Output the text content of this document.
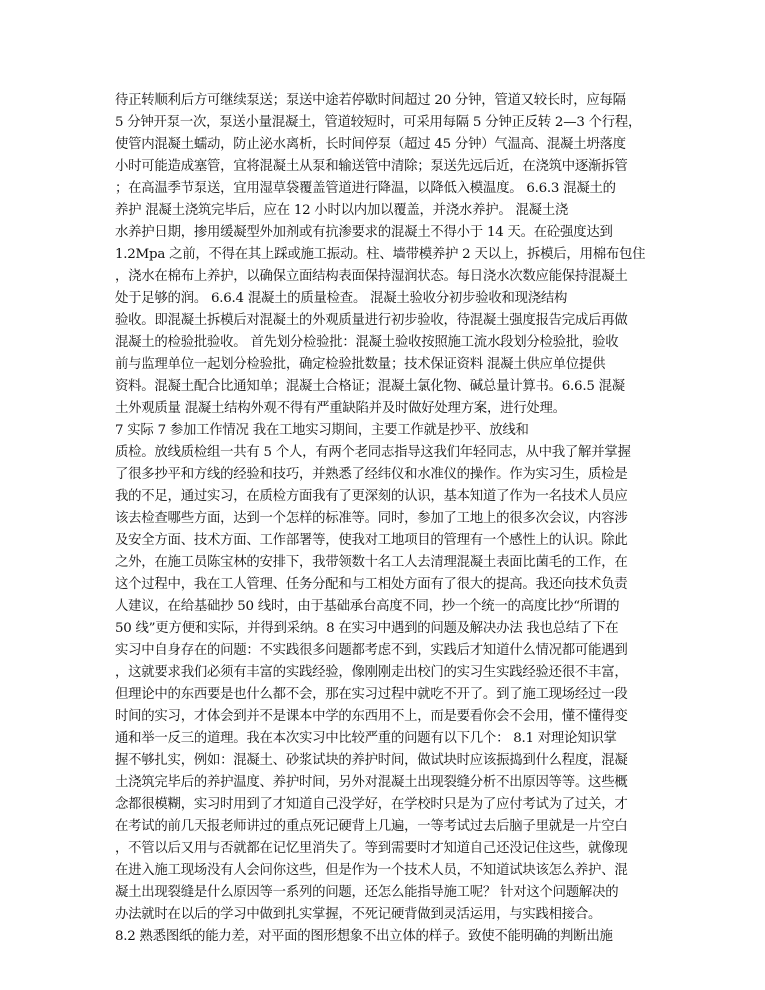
待正转顺利后方可继续泵送；泵送中途若停歇时间超过 20 分钟，管道又较长时，应每隔
5 分钟开泵一次，泵送小量混凝土，管道较短时，可采用每隔 5 分钟正反转 2—3 个行程，
使管内混凝土蠕动，防止泌水离析，长时间停泵（超过 45 分钟）气温高、混凝土坍落度
小时可能造成塞管，宜将混凝土从泵和输送管中清除；泵送先远后近，在浇筑中逐渐拆管
；在高温季节泵送，宜用湿草袋覆盖管道进行降温，以降低入模温度。 6.6.3 混凝土的
养护 混凝土浇筑完毕后，应在 12 小时以内加以覆盖，并浇水养护。 混凝土浇
水养护日期，掺用缓凝型外加剂或有抗渗要求的混凝土不得小于 14 天。在砼强度达到
1.2Mpa 之前，不得在其上踩或施工振动。柱、墙带模养护 2 天以上，拆模后，用棉布包住
，浇水在棉布上养护，以确保立面结构表面保持湿润状态。每日浇水次数应能保持混凝土
处于足够的润。 6.6.4 混凝土的质量检查。 混凝土验收分初步验收和现浇结构
验收。即混凝土拆模后对混凝土的外观质量进行初步验收，待混凝土强度报告完成后再做
混凝土的检验批验收。 首先划分检验批：混凝土验收按照施工流水段划分检验批，验收
前与监理单位一起划分检验批，确定检验批数量；技术保证资料 混凝土供应单位提供
资料。混凝土配合比通知单；混凝土合格证；混凝土氯化物、碱总量计算书。6.6.5 混凝
土外观质量 混凝土结构外观不得有严重缺陷并及时做好处理方案，进行处理。
7 实际 7 参加工作情况 我在工地实习期间，主要工作就是抄平、放线和
质检。放线质检组一共有 5 个人，有两个老同志指导这我们年轻同志，从中我了解并掌握
了很多抄平和方线的经验和技巧，并熟悉了经纬仪和水准仪的操作。作为实习生，质检是
我的不足，通过实习，在质检方面我有了更深刻的认识，基本知道了作为一名技术人员应
该去检查哪些方面，达到一个怎样的标准等。同时，参加了工地上的很多次会议，内容涉
及安全方面、技术方面、工作部署等，使我对工地项目的管理有一个感性上的认识。除此
之外，在施工员陈宝林的安排下，我带领数十名工人去清理混凝土表面比菌毛的工作，在
这个过程中，我在工人管理、任务分配和与工相处方面有了很大的提高。我还向技术负责
人建议，在给基础抄 50 线时，由于基础承台高度不同，抄一个统一的高度比抄“所谓的
50 线”更方便和实际，并得到采纳。8 在实习中遇到的问题及解决办法 我也总结了下在
实习中自身存在的问题：不实践很多问题都考虑不到，实践后才知道什么情况都可能遇到
，这就要求我们必须有丰富的实践经验，像刚刚走出校门的实习生实践经验还很不丰富，
但理论中的东西要是也什么都不会，那在实习过程中就吃不开了。到了施工现场经过一段
时间的实习，才体会到并不是课本中学的东西用不上，而是要看你会不会用，懂不懂得变
通和举一反三的道理。我在本次实习中比较严重的问题有以下几个： 8.1 对理论知识掌
握不够扎实，例如：混凝土、砂浆试块的养护时间，做试块时应该振捣到什么程度，混凝
土浇筑完毕后的养护温度、养护时间，另外对混凝土出现裂缝分析不出原因等等。这些概
念都很模糊，实习时用到了才知道自己没学好，在学校时只是为了应付考试为了过关，才
在考试的前几天报老师讲过的重点死记硬背上几遍，一等考试过去后脑子里就是一片空白
，不管以后又用与否就都在记忆里消失了。等到需要时才知道自己还没记住这些，就像现
在进入施工现场没有人会问你这些，但是作为一个技术人员，不知道试块该怎么养护、混
凝土出现裂缝是什么原因等一系列的问题，还怎么能指导施工呢？ 针对这个问题解决的
办法就时在以后的学习中做到扎实掌握，不死记硬背做到灵活运用，与实践相接合。
8.2 熟悉图纸的能力差，对平面的图形想象不出立体的样子。致使不能明确的判断出施
